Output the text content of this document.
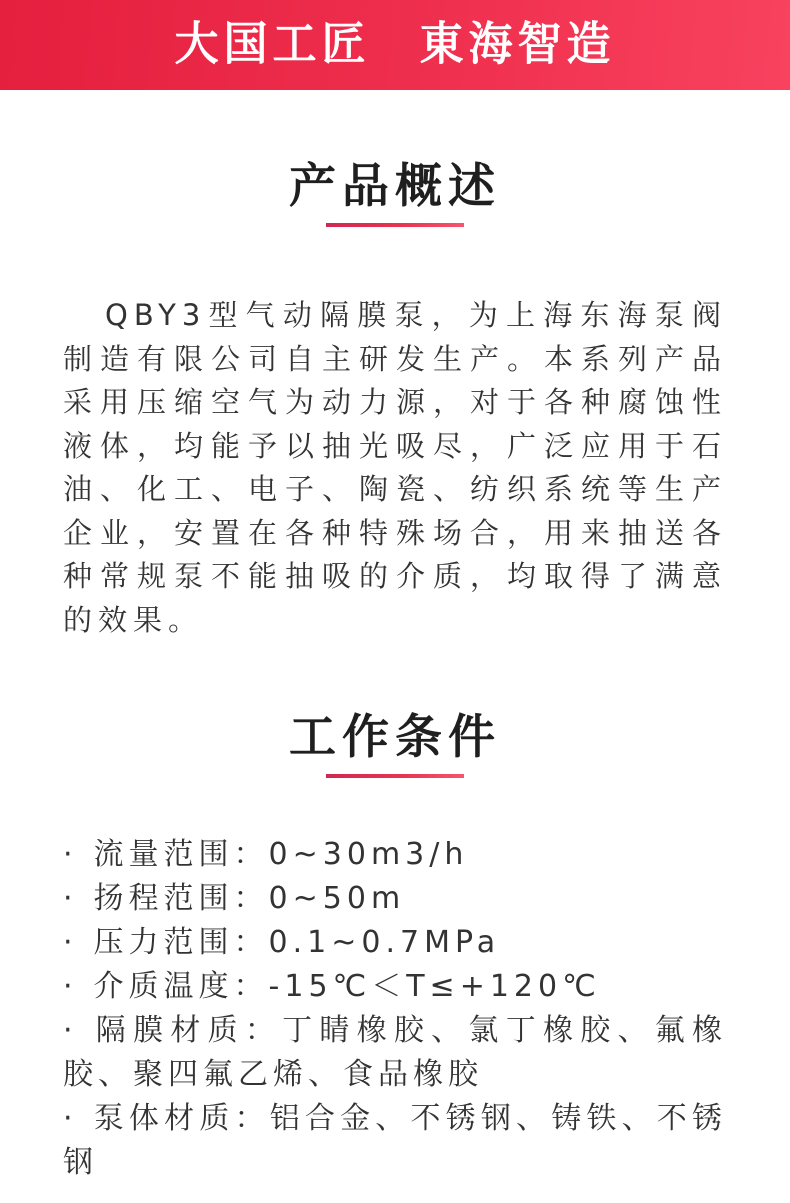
大国工匠　東海智造
产品概述

QBY3型气动隔膜泵，为上海东海泵阀制造有限公司自主研发生产。本系列产品采用压缩空气为动力源，对于各种腐蚀性液体，均能予以抽光吸尽，广泛应用于石油、化工、电子、陶瓷、纺织系统等生产企业，安置在各种特殊场合，用来抽送各种常规泵不能抽吸的介质，均取得了满意的效果。

工作条件
· 流量范围：0~30m3/h
· 扬程范围：0~50m
· 压力范围：0.1~0.7MPa
· 介质温度：-15℃＜T≤+120℃
· 隔膜材质：丁睛橡胶、氯丁橡胶、氟橡胶、聚四氟乙烯、食品橡胶
· 泵体材质：铝合金、不锈钢、铸铁、不锈钢
